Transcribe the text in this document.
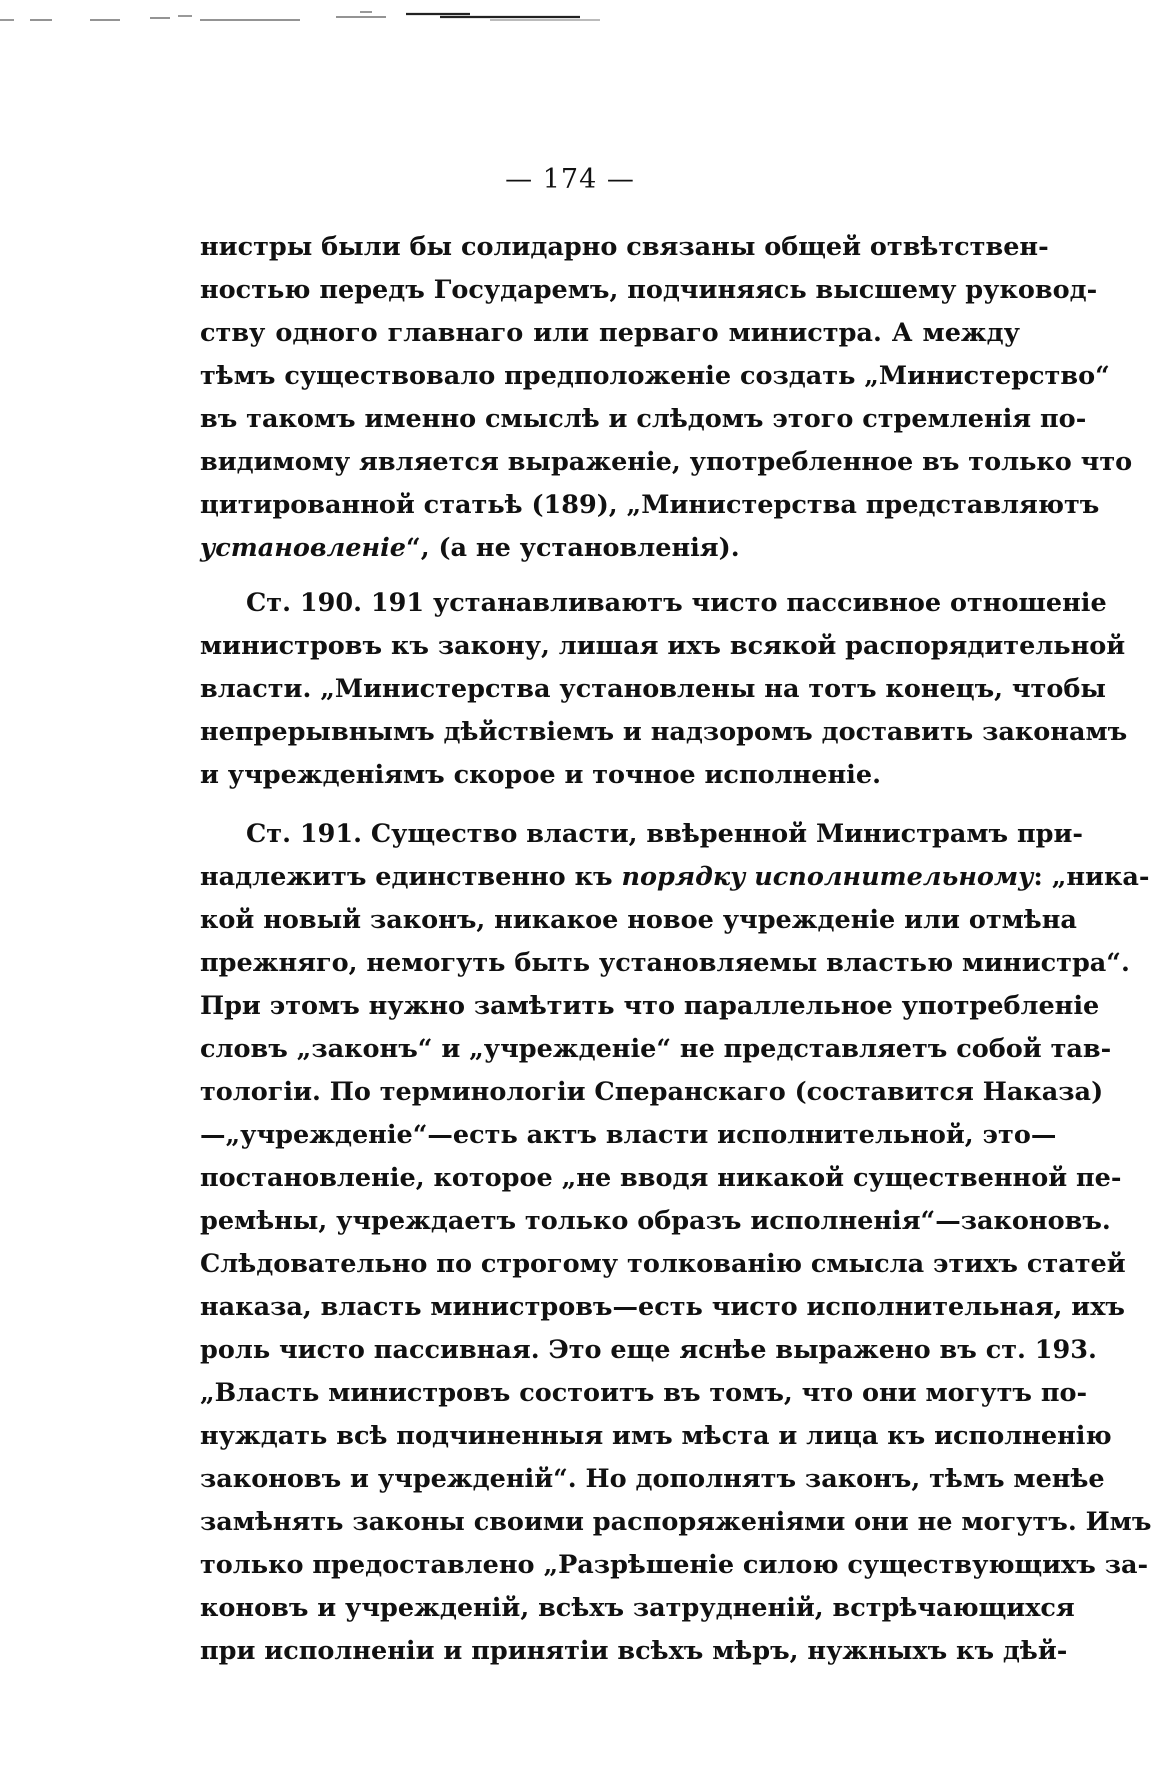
— 174 —
нистры были бы солидарно связаны общей отвѣтствен-
ностью передъ Государемъ, подчиняясь высшему руковод-
ству одного главнаго или перваго министра. А между
тѣмъ существовало предположеніе создать „Министерство“
въ такомъ именно смыслѣ и слѣдомъ этого стремленія по-
видимому является выраженіе, употребленное въ только что
цитированной статьѣ (189), „Министерства представляютъ
установленіе“, (а не установленія).
Ст. 190. 191 устанавливаютъ чисто пассивное отношеніе
министровъ къ закону, лишая ихъ всякой распорядительной
власти. „Министерства установлены на тотъ конецъ, чтобы
непрерывнымъ дѣйствіемъ и надзоромъ доставить законамъ
и учрежденіямъ скорое и точное исполненіе.
Ст. 191. Существо власти, ввѣренной Министрамъ при-
надлежитъ единственно къ порядку исполнительному: „ника-
кой новый законъ, никакое новое учрежденіе или отмѣна
прежняго, немогуть быть установляемы властью министра“.
При этомъ нужно замѣтить что параллельное употребленіе
словъ „законъ“ и „учрежденіе“ не представляетъ собой тав-
тологіи. По терминологіи Сперанскаго (составится Наказа)
—„учрежденіе“—есть актъ власти исполнительной, это—
постановленіе, которое „не вводя никакой существенной пе-
ремѣны, учреждаетъ только образъ исполненія“—законовъ.
Слѣдовательно по строгому толкованію смысла этихъ статей
наказа, власть министровъ—есть чисто исполнительная, ихъ
роль чисто пассивная. Это еще яснѣе выражено въ ст. 193.
„Власть министровъ состоитъ въ томъ, что они могутъ по-
нуждать всѣ подчиненныя имъ мѣста и лица къ исполненію
законовъ и учрежденій“. Но дополнятъ законъ, тѣмъ менѣе
замѣнять законы своими распоряженіями они не могутъ. Имъ
только предоставлено „Разрѣшеніе силою существующихъ за-
коновъ и учрежденій, всѣхъ затрудненій, встрѣчающихся
при исполненіи и принятіи всѣхъ мѣръ, нужныхъ къ дѣй-
